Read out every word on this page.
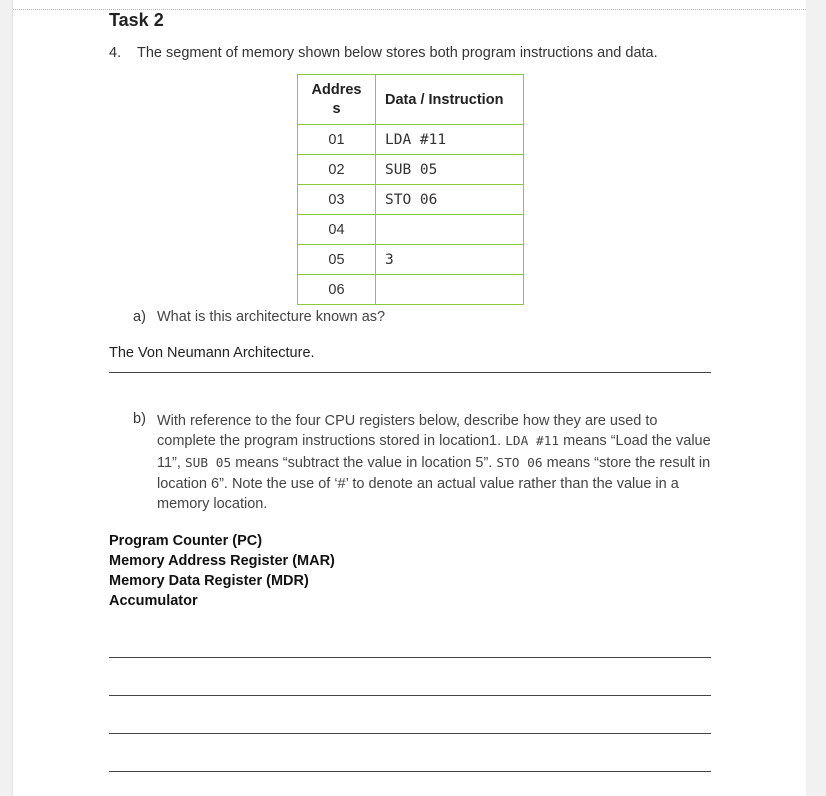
Task 2
4. The segment of memory shown below stores both program instructions and data.
Addres
s	Data / Instruction
01	LDA #11
02	SUB 05
03	STO 06
04	
05	3
06	
a) What is this architecture known as?
The Von Neumann Architecture.
b) With reference to the four CPU registers below, describe how they are used to complete the program instructions stored in location1. LDA #11 means “Load the value 11”, SUB 05 means “subtract the value in location 5”. STO 06 means “store the result in location 6”. Note the use of ‘#’ to denote an actual value rather than the value in a memory location.
Program Counter (PC)
Memory Address Register (MAR)
Memory Data Register (MDR)
Accumulator
